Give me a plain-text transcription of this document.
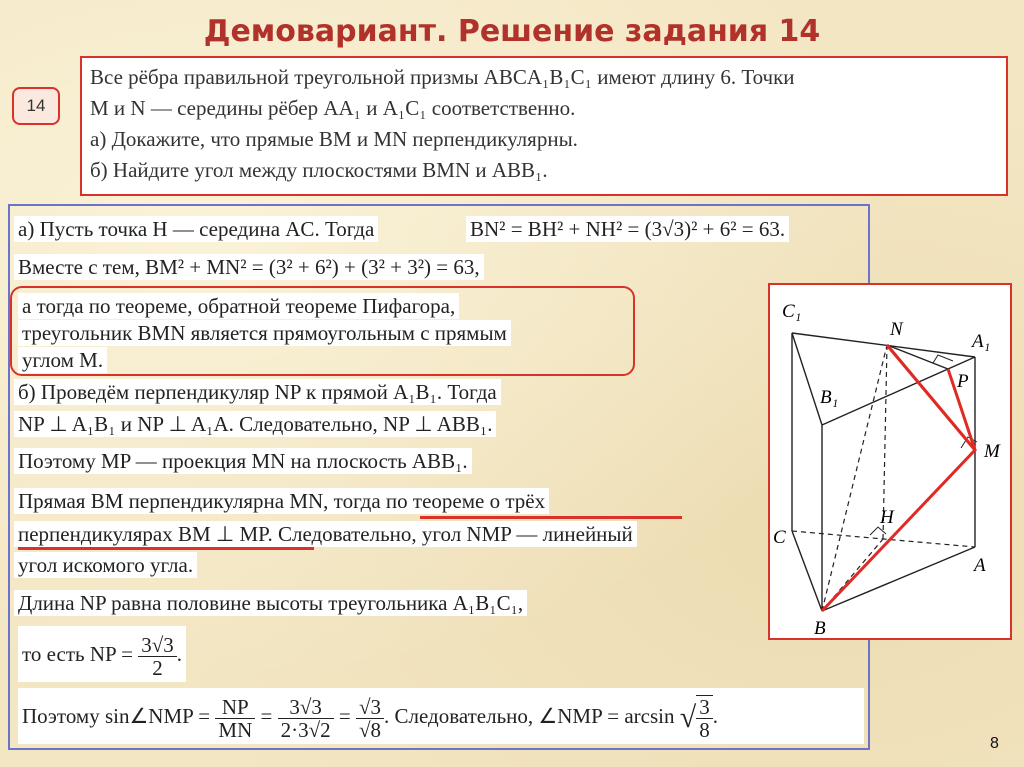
Демовариант. Решение задания 14
14
Все рёбра правильной треугольной призмы ABCA₁B₁C₁ имеют длину 6. Точки
M и N — середины рёбер AA₁ и A₁C₁ соответственно.
а) Докажите, что прямые BM и MN перпендикулярны.
б) Найдите угол между плоскостями BMN и ABB₁.
а) Пусть точка H — середина AC. Тогда	BN² = BH² + NH² = (3√3)² + 6² = 63.
Вместе с тем, BM² + MN² = (3² + 6²) + (3² + 3²) = 63,
а тогда по теореме, обратной теореме Пифагора,
треугольник BMN является прямоугольным с прямым
углом M.
б) Проведём перпендикуляр NP к прямой A₁B₁. Тогда
NP ⊥ A₁B₁ и NP ⊥ A₁A. Следовательно, NP ⊥ ABB₁.
Поэтому MP — проекция MN на плоскость ABB₁.
Прямая BM перпендикулярна MN, тогда по теореме о трёх
перпендикулярах BM ⊥ MP. Следовательно, угол NMP — линейный
угол искомого угла.
Длина NP равна половине высоты треугольника A₁B₁C₁,
то есть NP = $\frac{3√3}{2}$ .
Поэтому sin∠NMP = $\frac{NP}{MN} = \frac{3√3}{2\cdot 3√2} = \frac{√3}{√8}$ . Следовательно, ∠NMP = arcsin √ $\frac{3}{8}$ .
C₁
N
A₁
P
B₁
M
H
C
A
B
8
